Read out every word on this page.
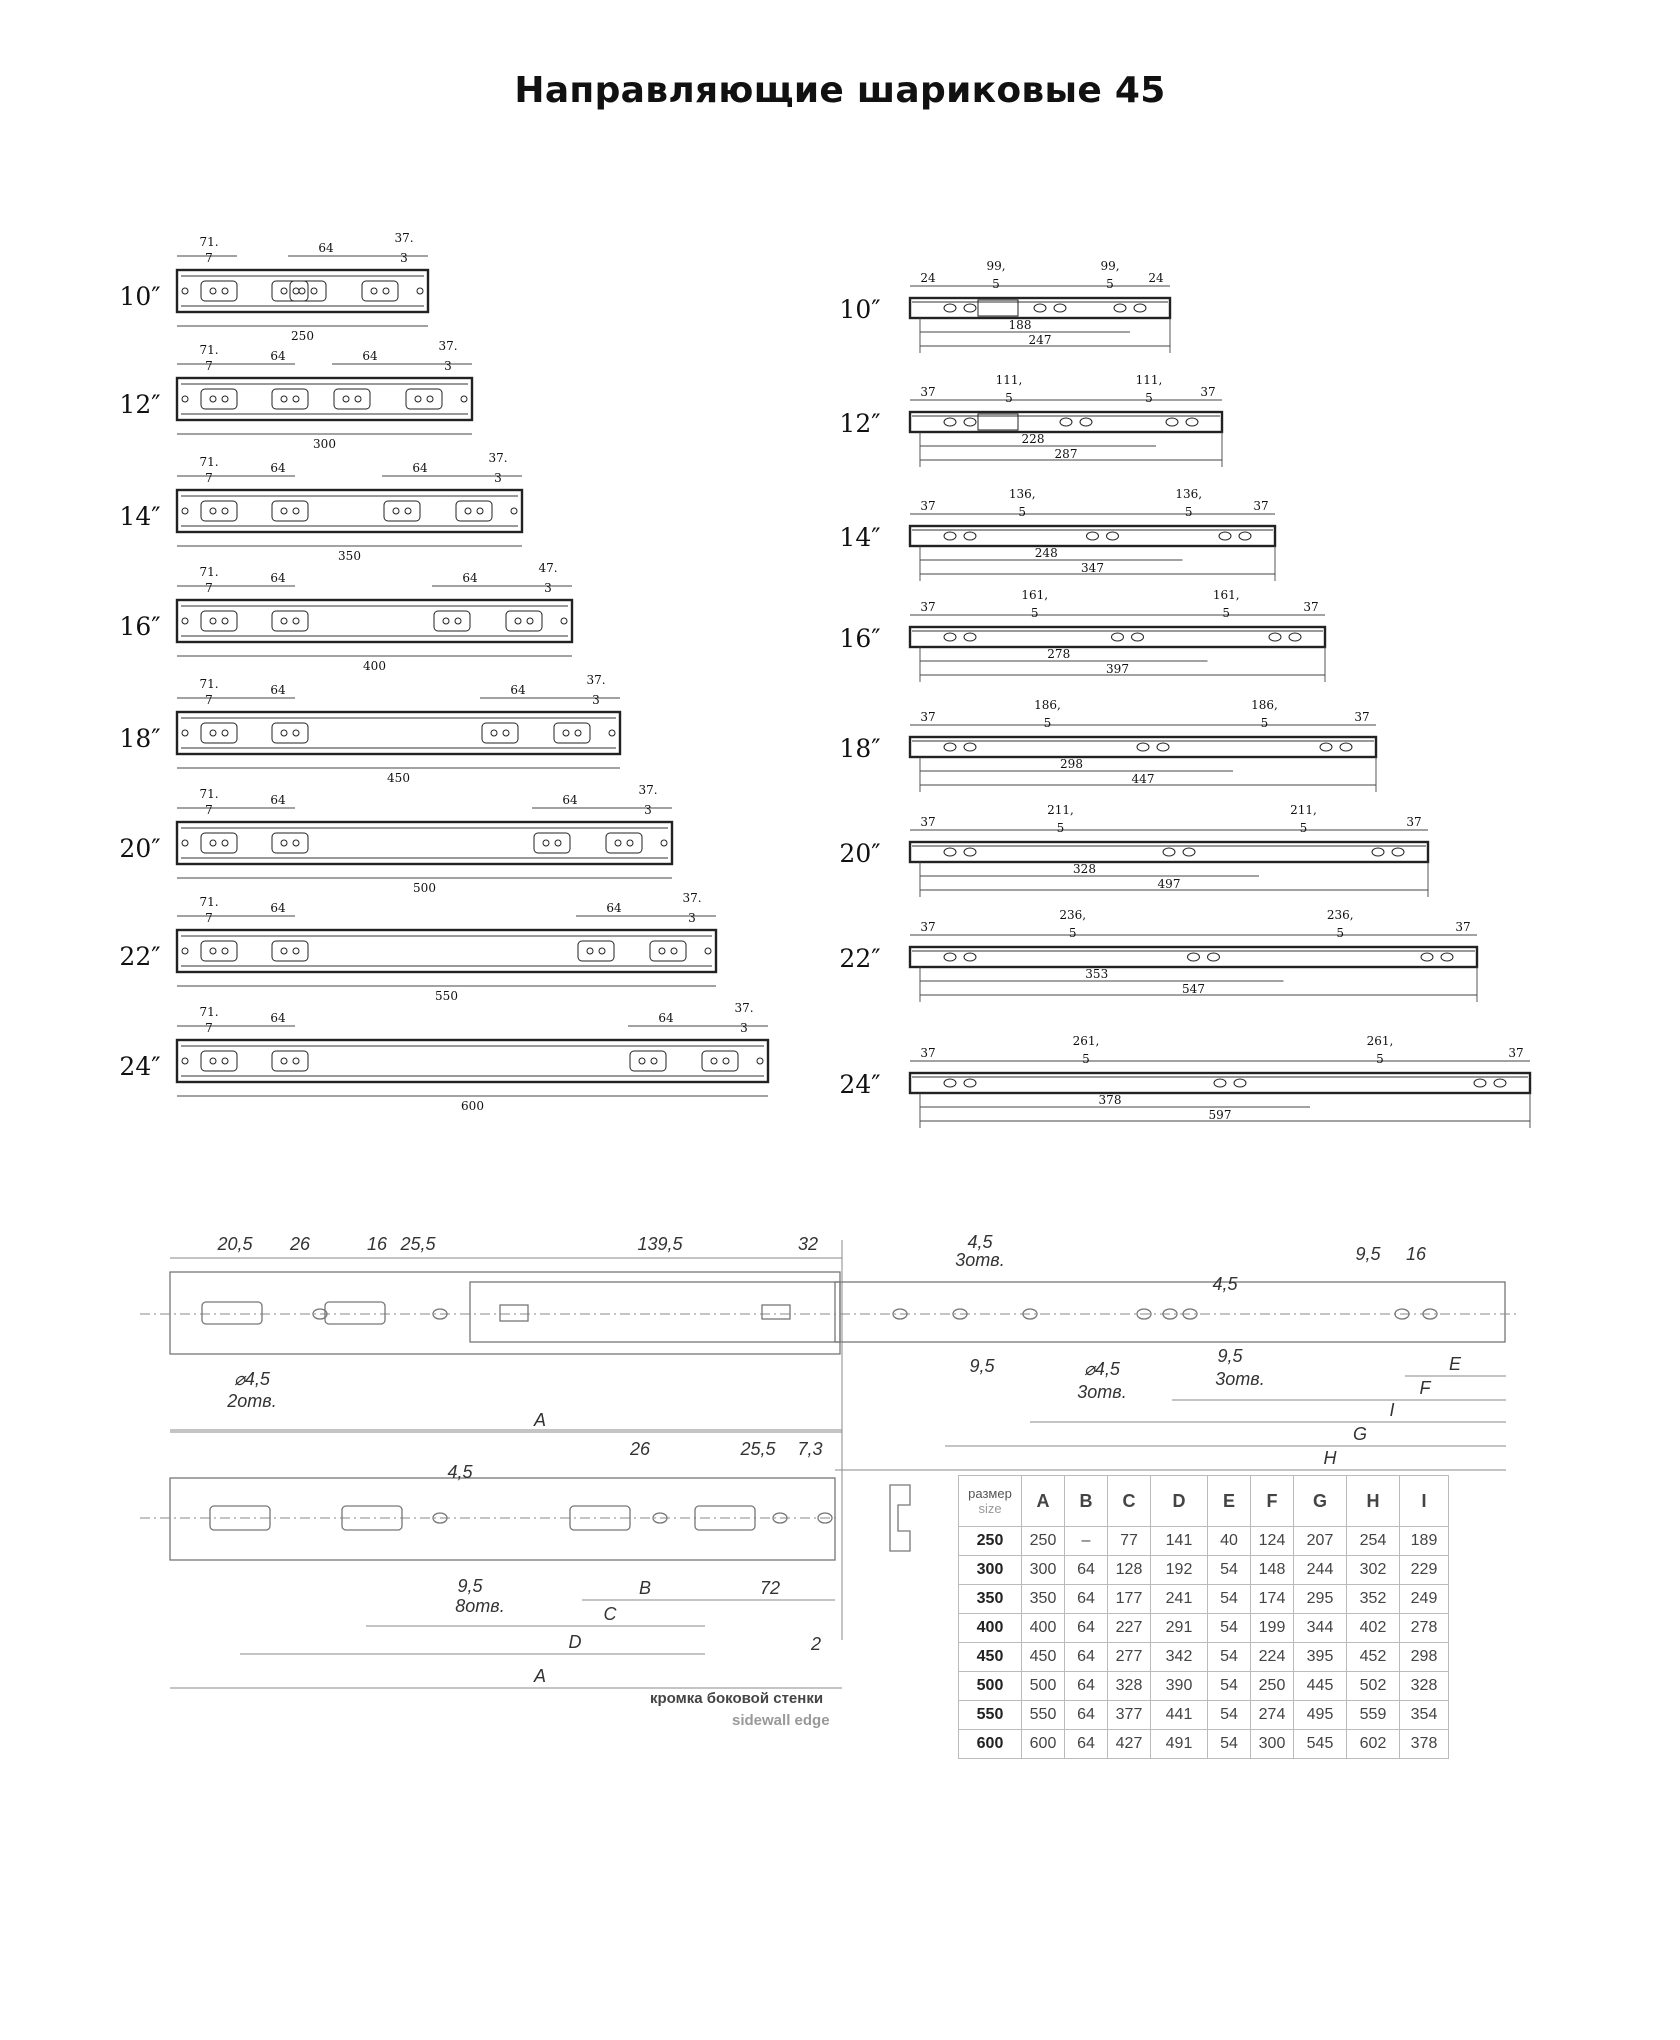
Направляющие шариковые 45
10″
71.
7
64
37.
3
250
12″
71.
7
64	64
37.
3
300
14″
71.
7
64	64
37.
3
350
16″
71.
7
64	64
47.
3
400
18″
71.
7
64	64
37.
3
450
20″
71.
7
64	64
37.
3
500
22″
71.
7
64	64
37.
3
550
24″
71.
7
64	64
37.
3
600
10″
24
99,
5
99,
5	24
188
247
12″
37
111,
5
111,
5	37
228
287
14″
37
136,
5
136,
5	37
248
347
16″
37
161,
5
161,
5	37
278
397
18″
37
186,
5
186,
5	37
298
447
20″
37
211,
5
211,
5	37
328
497
22″
37
236,
5
236,
5	37
353
547
24″
37
261,
5
261,
5	37
378
597
20,5 26	16 25,5	139,5	32	4,5
3отв.	9,5 16
4,5
⌀4,5
2отв.
⌀4,5
3отв.
9,5
3отв.
9,5
A
E
F
I
G
H
4,5
26	25,5 7,3
9,5
8отв.
72
2
B
C
D
A
размер
size	A	B	C	D	E	F	G	H	I
250	250	–	77	141	40	124	207	254	189
300	300	64	128	192	54	148	244	302	229
350	350	64	177	241	54	174	295	352	249
400	400	64	227	291	54	199	344	402	278
450	450	64	277	342	54	224	395	452	298
500	500	64	328	390	54	250	445	502	328
550	550	64	377	441	54	274	495	559	354
600	600	64	427	491	54	300	545	602	378
кромка боковой стенки
sidewall edge
